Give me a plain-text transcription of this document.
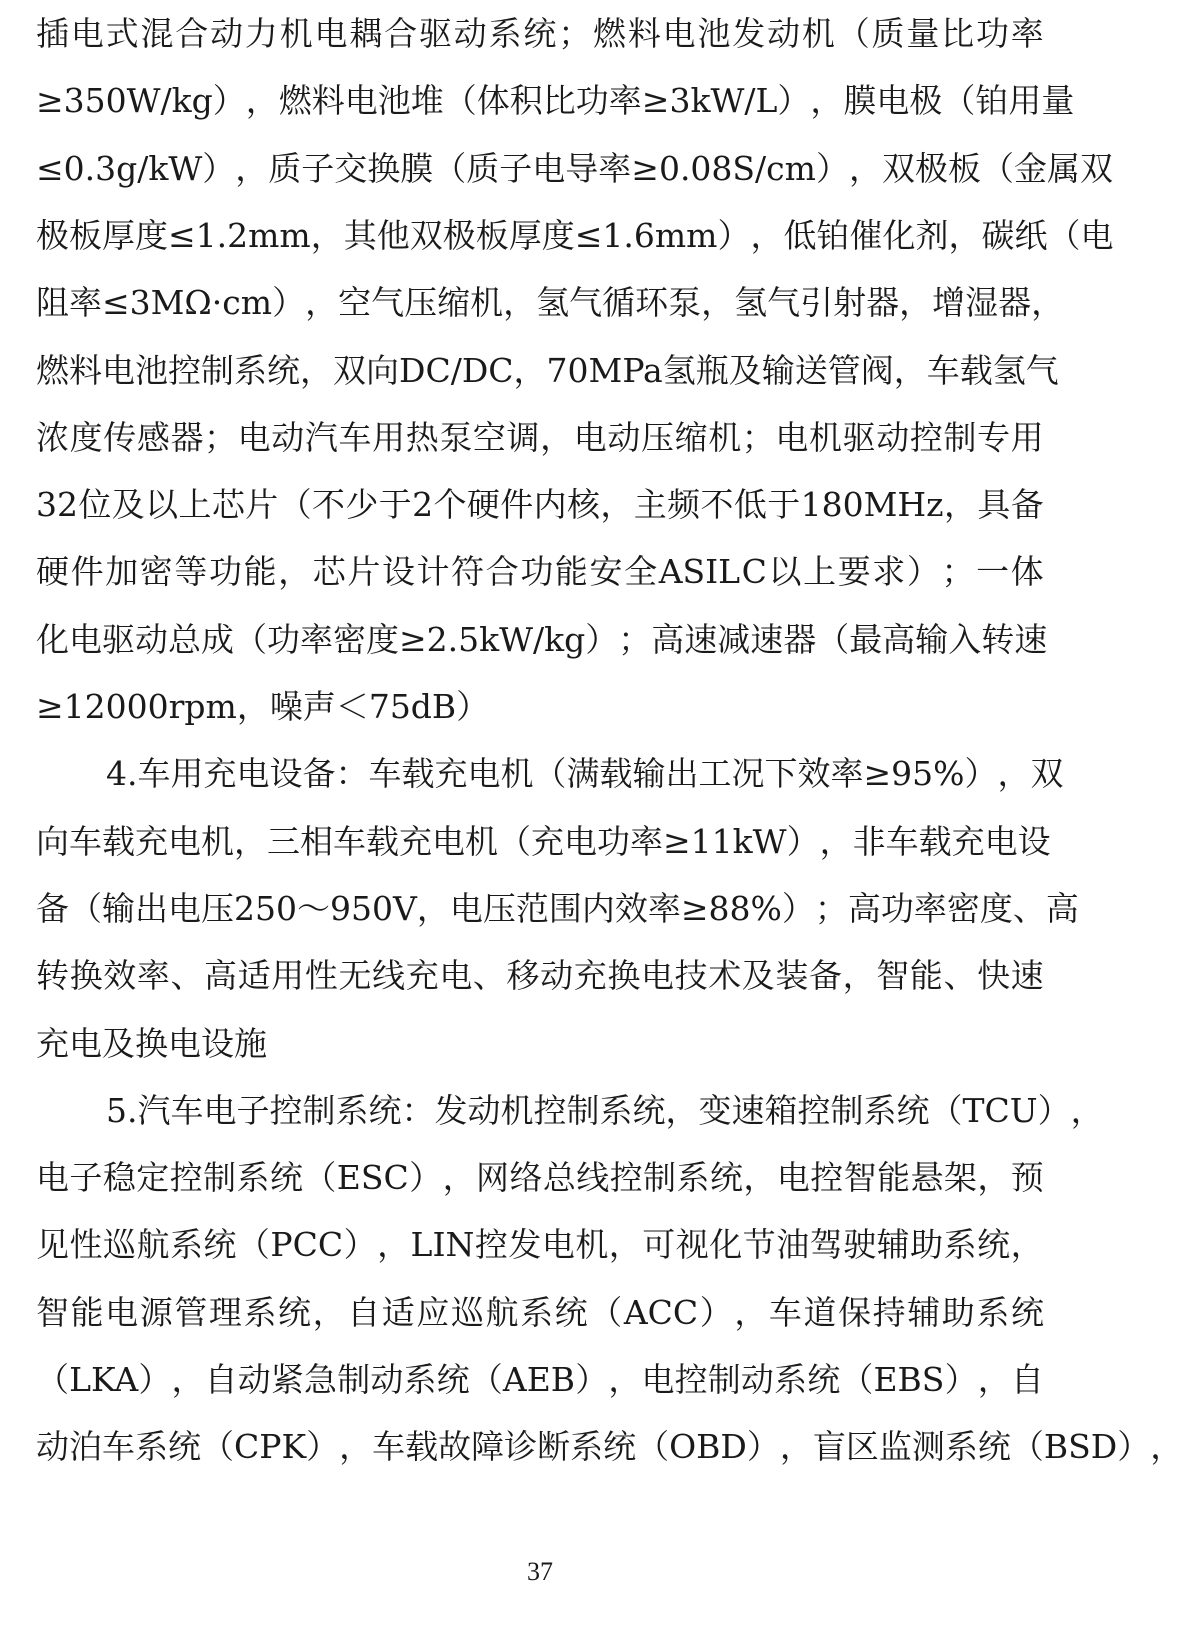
插 电 式 混 合 动 力 机 电 耦 合 驱 动 系 统 ； 燃 料 电 池 发 动 机 （ 质 量 比 功 率
≥350W/kg ） ， 燃 料 电 池 堆 （ 体 积 比 功 率 ≥3kW/L ） ， 膜 电 极 （ 铂 用 量
≤0.3g/kW ） ， 质 子 交 换 膜 （ 质 子 电 导 率 ≥0.08S/cm ） ， 双 极 板 （ 金 属 双
极 板 厚 度 ≤1.2mm ， 其 他 双 极 板 厚 度 ≤1.6mm ） ， 低 铂 催 化 剂 ， 碳 纸 （ 电
阻 率 ≤3MΩ·cm ） ， 空 气 压 缩 机 ， 氢 气 循 环 泵 ， 氢 气 引 射 器 ， 增 湿 器 ，
燃 料 电 池 控 制 系 统 ， 双 向 DC/DC ， 70MPa 氢 瓶 及 输 送 管 阀 ， 车 载 氢 气
浓 度 传 感 器 ； 电 动 汽 车 用 热 泵 空 调 ， 电 动 压 缩 机 ； 电 机 驱 动 控 制 专 用
32 位 及 以 上 芯 片 （ 不 少 于 2 个 硬 件 内 核 ， 主 频 不 低 于 180MHz ， 具 备
硬 件 加 密 等 功 能 ， 芯 片 设 计 符 合 功 能 安 全 ASIL C 以 上 要 求 ） ； 一 体
化 电 驱 动 总 成 （ 功 率 密 度 ≥2.5kW/kg ） ； 高 速 减 速 器 （ 最 高 输 入 转 速
≥12000rpm，噪声＜75dB）
4. 车 用 充 电 设 备 ： 车 载 充 电 机 （ 满 载 输 出 工 况 下 效 率 ≥95% ） ， 双
向 车 载 充 电 机 ， 三 相 车 载 充 电 机 （ 充 电 功 率 ≥11kW ） ， 非 车 载 充 电 设
备 （ 输 出 电 压 250～950V ， 电 压 范 围 内 效 率 ≥88% ） ； 高 功 率 密 度 、 高
转 换 效 率 、 高 适 用 性 无 线 充 电 、 移 动 充 换 电 技 术 及 装 备 ， 智 能 、 快 速
充电及换电设施
5. 汽 车 电 子 控 制 系 统 ： 发 动 机 控 制 系 统 ， 变 速 箱 控 制 系 统 （ TCU ） ，
电 子 稳 定 控 制 系 统 （ ESC ） ， 网 络 总 线 控 制 系 统 ， 电 控 智 能 悬 架 ， 预
见 性 巡 航 系 统 （ PCC ） ， LIN 控 发 电 机 ， 可 视 化 节 油 驾 驶 辅 助 系 统 ，
智 能 电 源 管 理 系 统 ， 自 适 应 巡 航 系 统 （ ACC ） ， 车 道 保 持 辅 助 系 统
（ LKA ） ， 自 动 紧 急 制 动 系 统 （ AEB ） ， 电 控 制 动 系 统 （ EBS ） ， 自
动 泊 车 系 统 （ CPK ） ， 车 载 故 障 诊 断 系 统 （ OBD ） ， 盲 区 监 测 系 统 （ BSD ） ，
37
